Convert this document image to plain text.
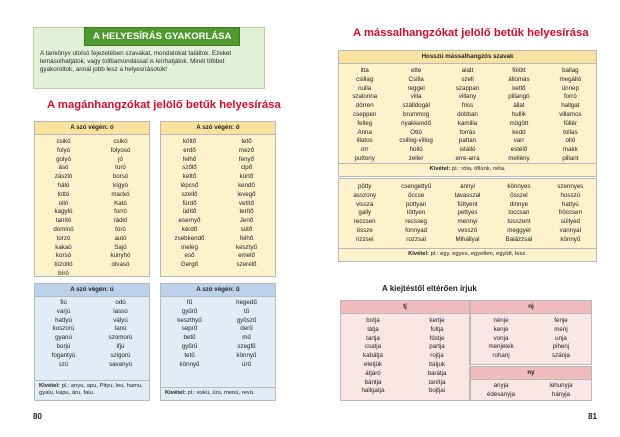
A HELYESÍRÁS GYAKORLÁSA
A tankönyv utolsó fejezetében szavakat, mondatokat találtok. Ezeket lemásolhatjátok, vagy tollbamondással is leírhatjátok. Minél többet gyakoroltok, annál jobb lesz a helyesírásotok!
A magánhangzókat jelölő betűk helyesírása
A szó végén: ó
csikó
folyó
golyó
ásó
zászló
háló
lottó
olló
kagyló
tanító
dominó
torzó
kakaó
korsó
tüzoltó
bíró
csikó
folyosó
jó
túró
borsó
kígyó
mackó
Kató
forró
rádió
túró
autó
Sajó
kunyhó
olvasó
A szó végén: ő
költő
erdő
felhő
szőlő
kettő
lépcső
szellő
fürdő
üdítő
esernyő
kérdő
zsebkendő
meleg
eső
Gergő
tető
mező
fenyő
cipő
kürtő
kendő
levegő
vetítő
terítő
Jenő
sütő
felhő
kesztyű
emelő
szerelő
A szó végén: ú
fiú
varjú
hattyú
koszorú
gyanú
borjú
fogantyú
szú
odú
lassú
vályú
tanú
szomorú
ifjú
szigorú
savanyú
Kivétel: pl.: anyu, apu, Pityu, leu, hamu, gyalu, kapu, áru, falu.
A szó végén: ű
fű
gyűrű
keszthyű
seprű
betű
gyűrű
tetű
könnyű
hegedű
tű
gyűszű
derű
mű
szegfű
könnyű
ürű
Kivétel: pl.: eskü, ürü, menü, revü.
80
A mássalhangzókat jelölő betűk helyesírása
Hosszú mássalhangzós szavak
itta
csillag
nulla
szalonna
dörren
cseppen
felleg
Anna
illatos
orr
puttony
ette
Csilla
reggel
villa
szálldogál
brummog
nyakkendő
Ottó
csillog-villog
holló
zeller
alatt
szell
szappan
villany
friss
dobban
kamilla
forrás
pattan
istálló
erre-arra
fölött
állomás
kettő
pillangó
állat
hullik
mögött
kedd
varr
estélő
mellény
ballag
megálló
ünnep
forró
hallgat
villamos
füllér
tollas
olló
makk
pillant
Kivétel: pl.: róla, tőlünk, néla.
pötty
asszony
vissza
gally
reccsen
össze
rizzsel
csengettyű
öccse
pottyan
löttyen
recsseg
fonnyad
rozzsal
annyi
tavasszal
füttyent
pettyes
mennyi
vesszö
Mihállyal
könnyes
összel
dinnye
loccsan
tússzent
meggyel
Balázzsal
szennyes
hosszú
hattyú
fröccsen
süllyed
vannyal
könnyű
Kivétel: pl.: egy, egyes, egyetlen, együtt, lesz.
A kiejtéstől eltérően írjuk
tj
botja
látja
tartja
csatja
kabátja
etetjük
átjáró
bántja
hallgatja
kertje
foltja
fűstje
partja
rojtja
itatjuk
barátja
tanítja
bojtjai
nj
nénje
kenje
vonja
menjetek
rohanj
fenje
menj
unja
pihenj
szánja
ny
anyja
édesanyja
lehunyja
hányja
81
